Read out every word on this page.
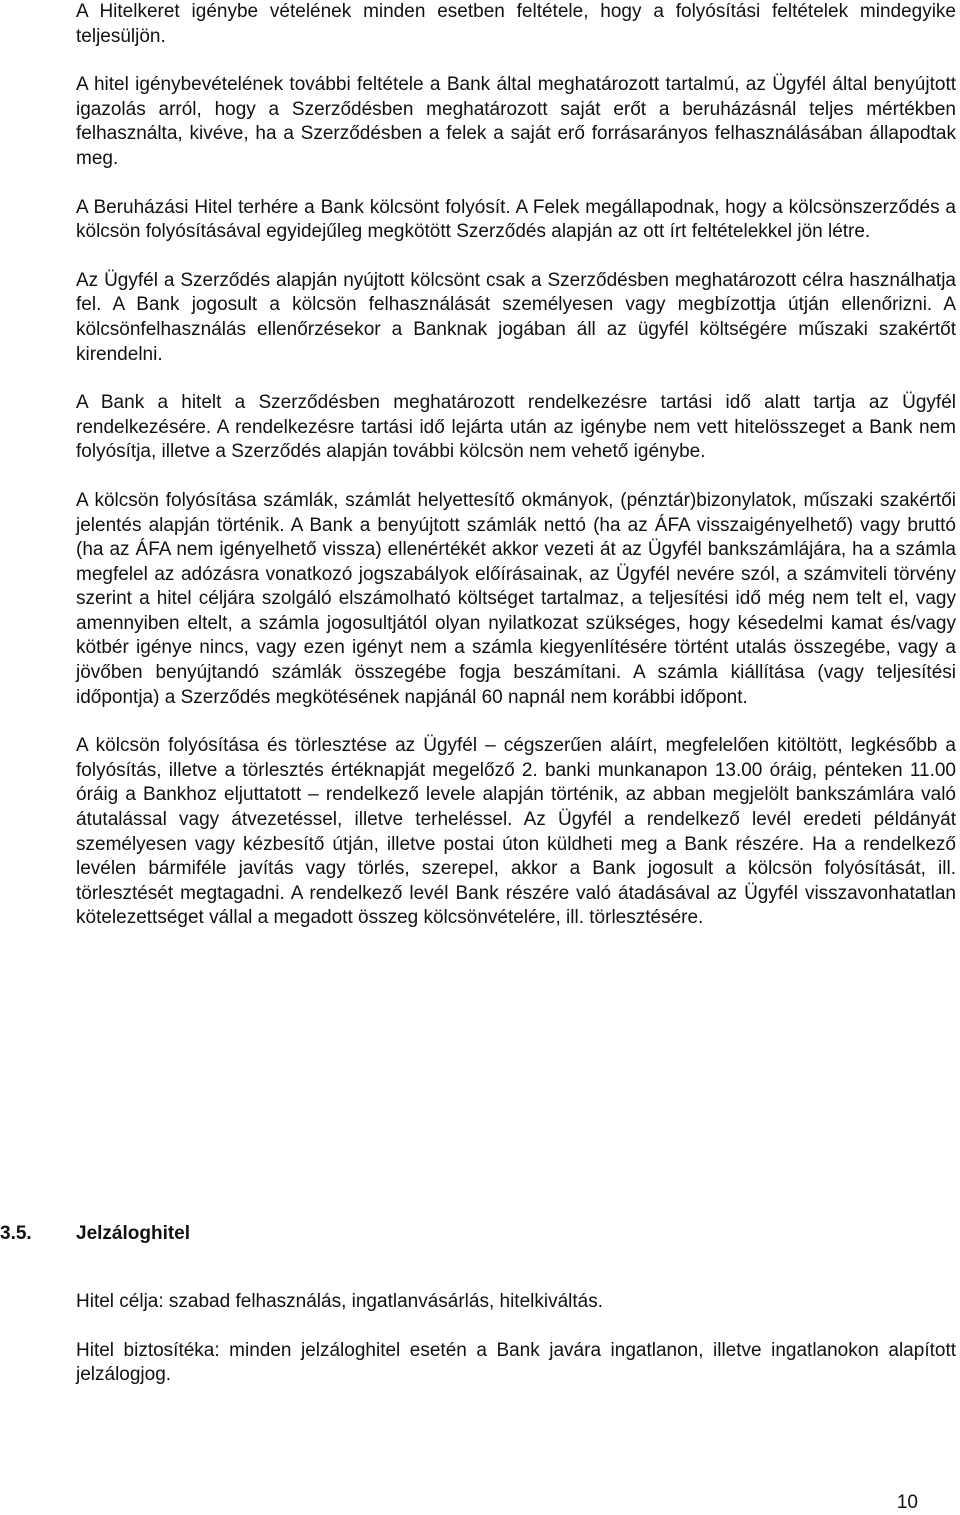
A Hitelkeret igénybe vételének minden esetben feltétele, hogy a folyósítási feltételek mindegyike teljesüljön.

A hitel igénybevételének további feltétele a Bank által meghatározott tartalmú, az Ügyfél által benyújtott igazolás arról, hogy a Szerződésben meghatározott saját erőt a beruházásnál teljes mértékben felhasználta, kivéve, ha a Szerződésben a felek a saját erő forrásarányos felhasználásában állapodtak meg.

A Beruházási Hitel terhére a Bank kölcsönt folyósít. A Felek megállapodnak, hogy a kölcsönszerződés a kölcsön folyósításával egyidejűleg megkötött Szerződés alapján az ott írt feltételekkel jön létre.

Az Ügyfél a Szerződés alapján nyújtott kölcsönt csak a Szerződésben meghatározott célra használhatja fel. A Bank jogosult a kölcsön felhasználását személyesen vagy megbízottja útján ellenőrizni. A kölcsönfelhasználás ellenőrzésekor a Banknak jogában áll az ügyfél költségére műszaki szakértőt kirendelni.

A Bank a hitelt a Szerződésben meghatározott rendelkezésre tartási idő alatt tartja az Ügyfél rendelkezésére. A rendelkezésre tartási idő lejárta után az igénybe nem vett hitelösszeget a Bank nem folyósítja, illetve a Szerződés alapján további kölcsön nem vehető igénybe.

A kölcsön folyósítása számlák, számlát helyettesítő okmányok, (pénztár)bizonylatok, műszaki szakértői jelentés alapján történik. A Bank a benyújtott számlák nettó (ha az ÁFA visszaigényelhető) vagy bruttó (ha az ÁFA nem igényelhető vissza) ellenértékét akkor vezeti át az Ügyfél bankszámlájára, ha a számla megfelel az adózásra vonatkozó jogszabályok előírásainak, az Ügyfél nevére szól, a számviteli törvény szerint a hitel céljára szolgáló elszámolható költséget tartalmaz, a teljesítési idő még nem telt el, vagy amennyiben eltelt, a számla jogosultjától olyan nyilatkozat szükséges, hogy késedelmi kamat és/vagy kötbér igénye nincs, vagy ezen igényt nem a számla kiegyenlítésére történt utalás összegébe, vagy a jövőben benyújtandó számlák összegébe fogja beszámítani. A számla kiállítása (vagy teljesítési időpontja) a Szerződés megkötésének napjánál 60 napnál nem korábbi időpont.

A kölcsön folyósítása és törlesztése az Ügyfél – cégszerűen aláírt, megfelelően kitöltött, legkésőbb a folyósítás, illetve a törlesztés értéknapját megelőző 2. banki munkanapon 13.00 óráig, pénteken 11.00 óráig a Bankhoz eljuttatott – rendelkező levele alapján történik, az abban megjelölt bankszámlára való átutalással vagy átvezetéssel, illetve terheléssel. Az Ügyfél a rendelkező levél eredeti példányát személyesen vagy kézbesítő útján, illetve postai úton küldheti meg a Bank részére. Ha a rendelkező levélen bármiféle javítás vagy törlés, szerepel, akkor a Bank jogosult a kölcsön folyósítását, ill. törlesztését megtagadni. A rendelkező levél Bank részére való átadásával az Ügyfél visszavonhatatlan kötelezettséget vállal a megadott összeg kölcsönvételére, ill. törlesztésére.

3.5. Jelzáloghitel

Hitel célja: szabad felhasználás, ingatlanvásárlás, hitelkiváltás.

Hitel biztosítéka: minden jelzáloghitel esetén a Bank javára ingatlanon, illetve ingatlanokon alapított jelzálogjog.

10
